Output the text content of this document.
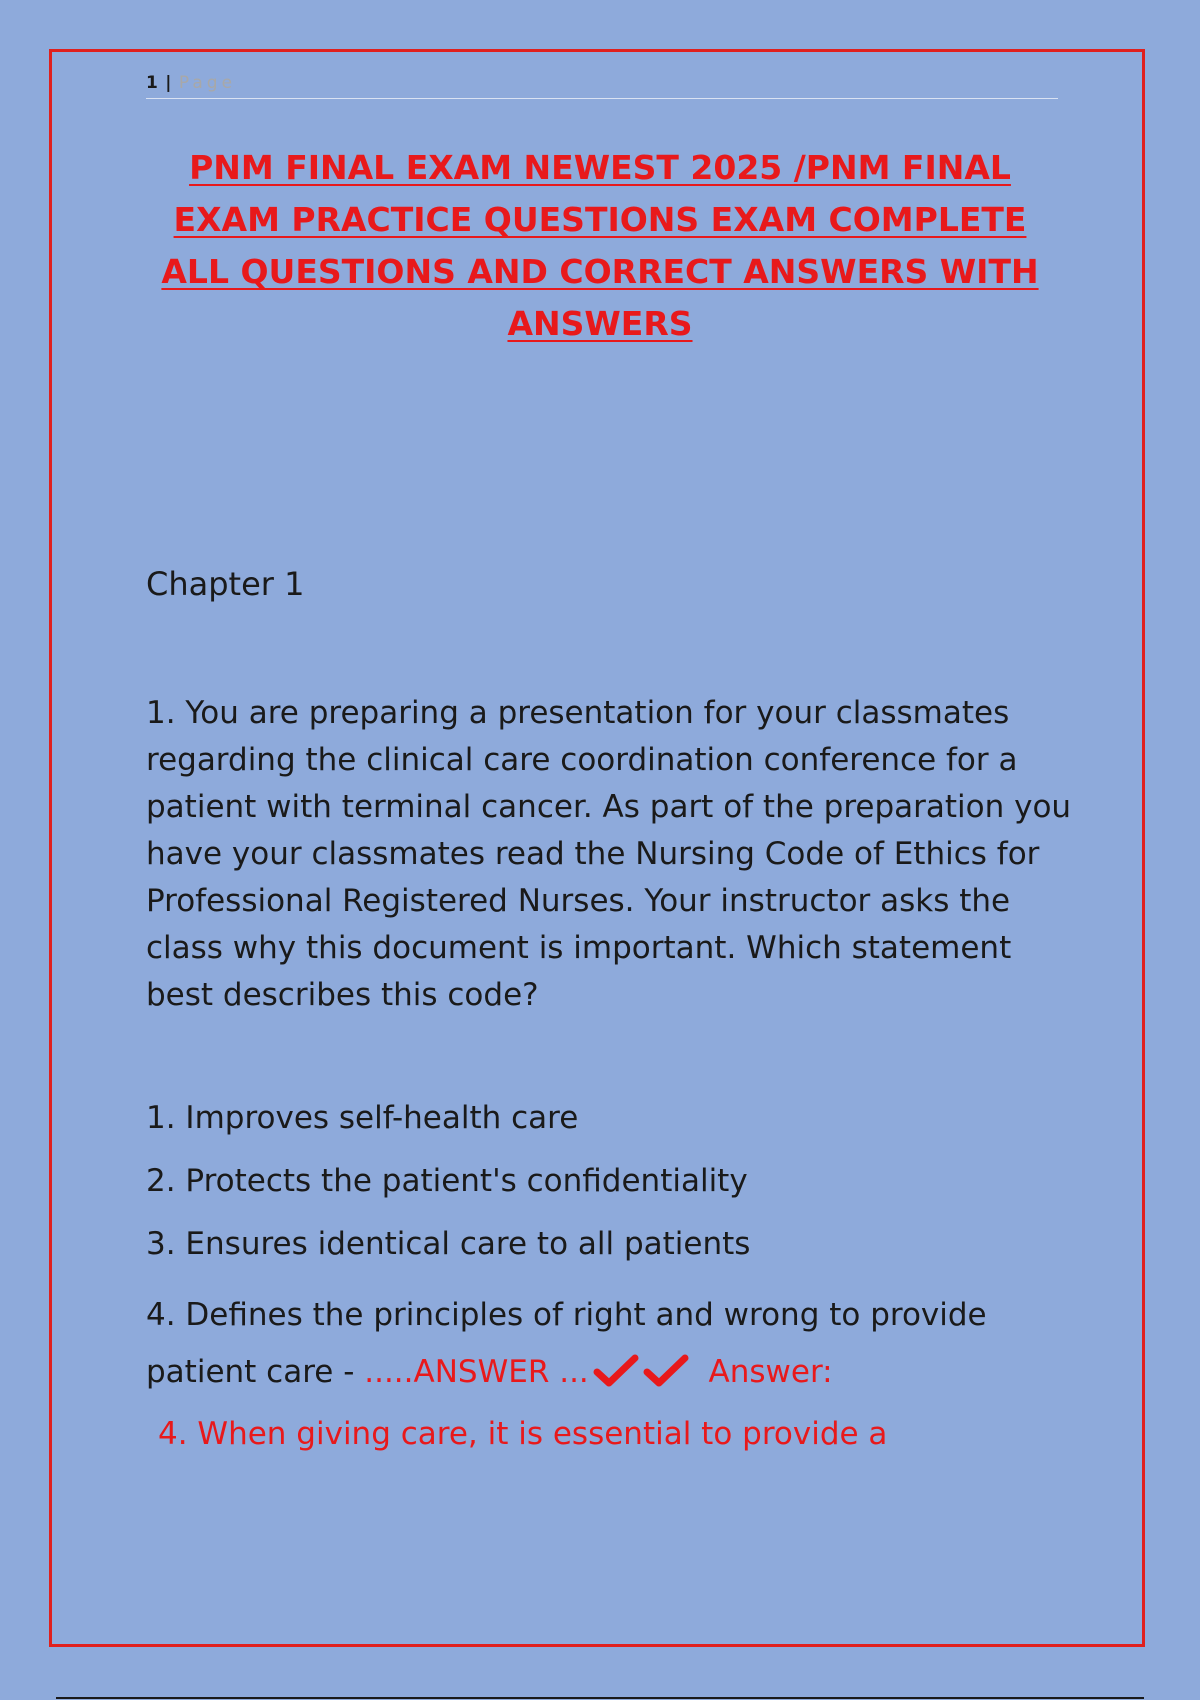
1 | Page
PNM FINAL EXAM NEWEST 2025 /PNM FINAL EXAM PRACTICE QUESTIONS EXAM COMPLETE ALL QUESTIONS AND CORRECT ANSWERS WITH ANSWERS
Chapter 1

1. You are preparing a presentation for your classmates regarding the clinical care coordination conference for a patient with terminal cancer. As part of the preparation you have your classmates read the Nursing Code of Ethics for Professional Registered Nurses. Your instructor asks the class why this document is important. Which statement best describes this code?

1. Improves self-health care
2. Protects the patient's confidentiality
3. Ensures identical care to all patients
4. Defines the principles of right and wrong to provide patient care - .....ANSWER ...	Answer:

4. When giving care, it is essential to provide a
